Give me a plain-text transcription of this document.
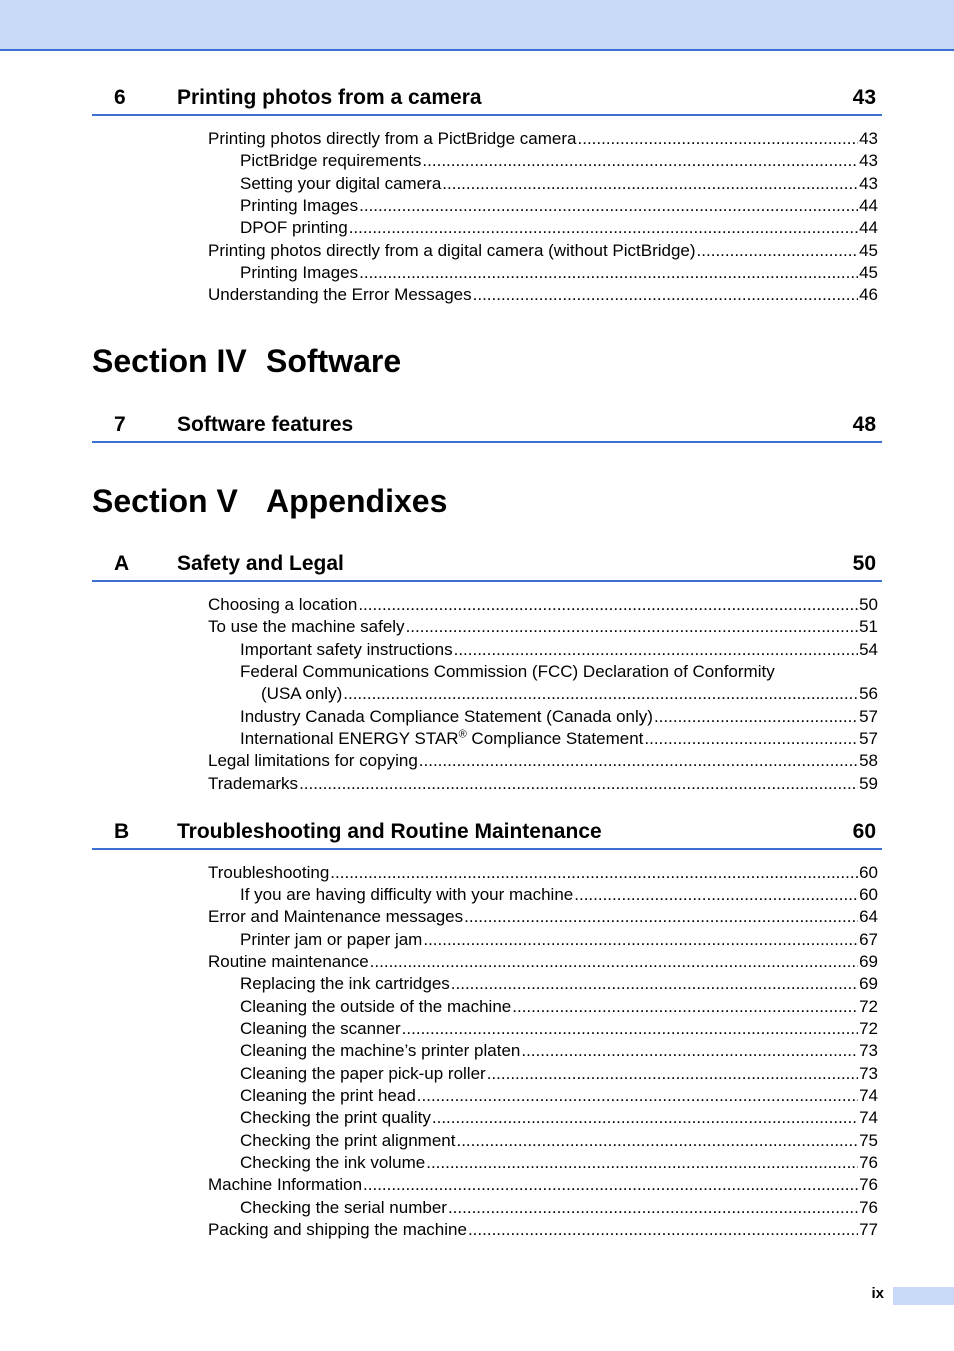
6 Printing photos from a camera	43
Printing photos directly from a PictBridge camera .....	43
PictBridge requirements .....	43
Setting your digital camera .....	43
Printing Images .....	44
DPOF printing .....	44
Printing photos directly from a digital camera (without PictBridge) .....	45
Printing Images .....	45
Understanding the Error Messages .....	46
Section IV Software
7 Software features	48
Section V Appendixes
A Safety and Legal	50
Choosing a location .....	50
To use the machine safely .....	51
Important safety instructions .....	54
Federal Communications Commission (FCC) Declaration of Conformity
(USA only) .....	56
Industry Canada Compliance Statement (Canada only) .....	57
International ENERGY STAR® Compliance Statement .....	57
Legal limitations for copying .....	58
Trademarks .....	59
B Troubleshooting and Routine Maintenance	60
Troubleshooting .....	60
If you are having difficulty with your machine .....	60
Error and Maintenance messages .....	64
Printer jam or paper jam .....	67
Routine maintenance .....	69
Replacing the ink cartridges .....	69
Cleaning the outside of the machine .....	72
Cleaning the scanner .....	72
Cleaning the machine’s printer platen .....	73
Cleaning the paper pick-up roller .....	73
Cleaning the print head .....	74
Checking the print quality .....	74
Checking the print alignment .....	75
Checking the ink volume .....	76
Machine Information .....	76
Checking the serial number .....	76
Packing and shipping the machine .....	77
ix
